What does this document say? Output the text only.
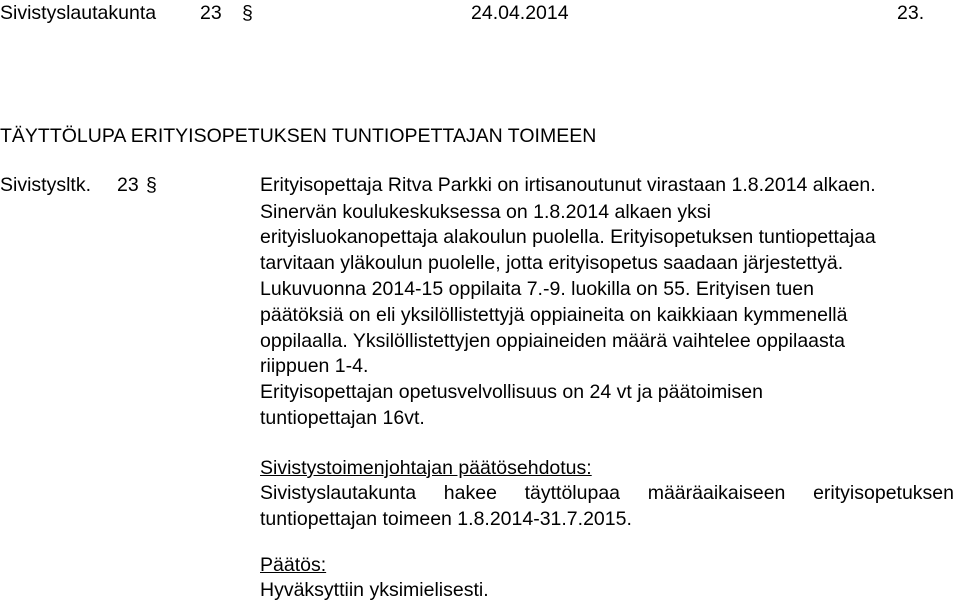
Sivistyslautakunta 23 §	24.04.2014	23.
TÄYTTÖLUPA ERITYISOPETUKSEN TUNTIOPETTAJAN TOIMEEN
Sivistysltk. 23 §	Erityisopettaja Ritva Parkki on irtisanoutunut virastaan 1.8.2014 alkaen.
Sinervän koulukeskuksessa on 1.8.2014 alkaen yksi
erityisluokanopettaja alakoulun puolella. Erityisopetuksen tuntiopettajaa
tarvitaan yläkoulun puolelle, jotta erityisopetus saadaan järjestettyä.
Lukuvuonna 2014-15 oppilaita 7.-9. luokilla on 55. Erityisen tuen
päätöksiä on eli yksilöllistettyjä oppiaineita on kaikkiaan kymmenellä
oppilaalla. Yksilöllistettyjen oppiaineiden määrä vaihtelee oppilaasta
riippuen 1-4.
Erityisopettajan opetusvelvollisuus on 24 vt ja päätoimisen
tuntiopettajan 16vt.
Sivistystoimenjohtajan päätösehdotus:
Sivistyslautakunta hakee täyttölupaa määräaikaiseen erityisopetuksen
tuntiopettajan toimeen 1.8.2014-31.7.2015.
Päätös:
Hyväksyttiin yksimielisesti.
